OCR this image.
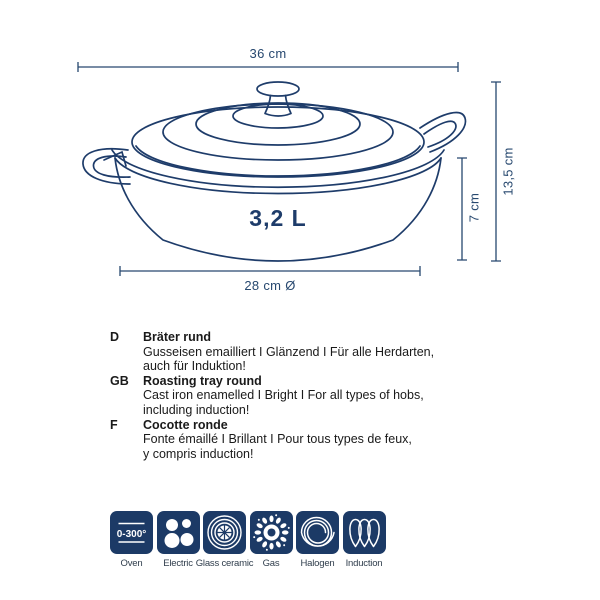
36 cm
13,5 cm
7 cm
28 cm Ø
3,2 L
D	Bräter rund
Gusseisen emailliert I Glänzend I Für alle Herdarten,
auch für Induktion!
GB	Roasting tray round
Cast iron enamelled I Bright I For all types of hobs,
including induction!
F	Cocotte ronde
Fonte émaillé I Brillant I Pour tous types de feux,
y compris induction!
0-300°
Oven Electric Glass ceramic Gas Halogen Induction
